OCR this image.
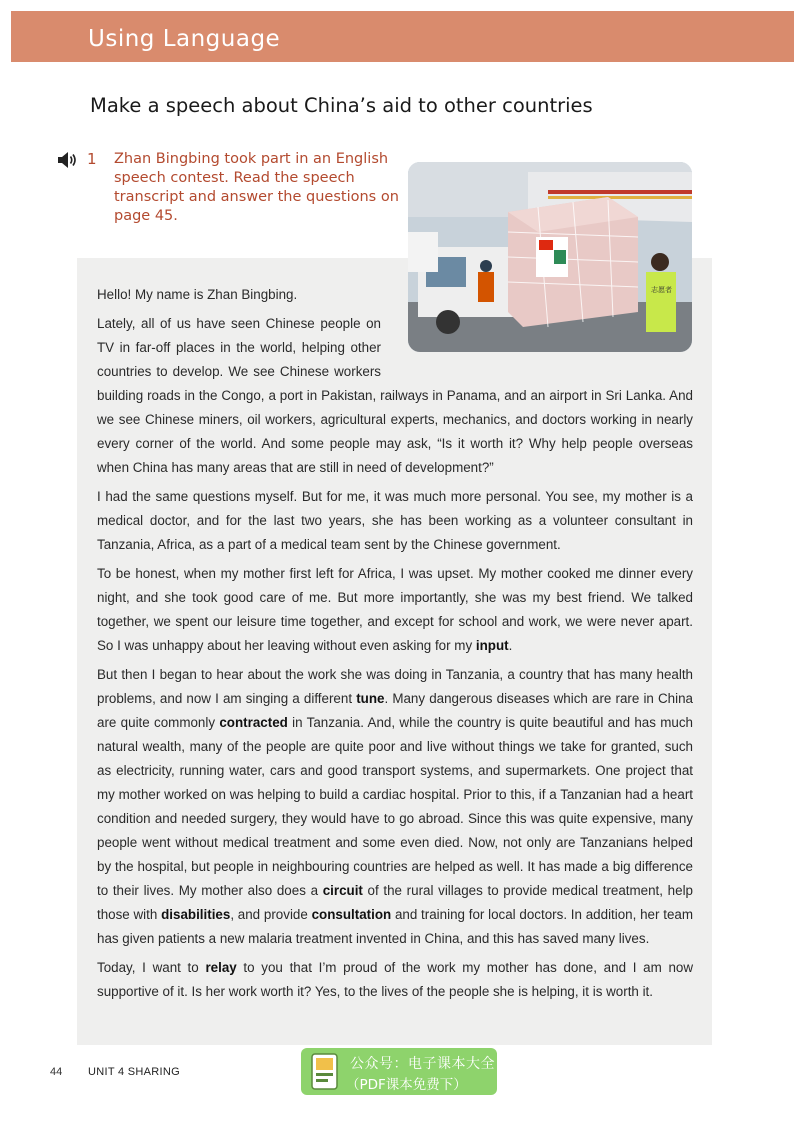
Using Language
Make a speech about China’s aid to other countries
1 Zhan Bingbing took part in an English speech contest. Read the speech transcript and answer the questions on page 45.
志愿者

Hello! My name is Zhan Bingbing.

Lately, all of us have seen Chinese people on TV in far-off places in the world, helping other countries to develop. We see Chinese workers building roads in the Congo, a port in Pakistan, railways in Panama, and an airport in Sri Lanka. And we see Chinese miners, oil workers, agricultural experts, mechanics, and doctors working in nearly every corner of the world. And some people may ask, “Is it worth it? Why help people overseas when China has many areas that are still in need of development?”

I had the same questions myself. But for me, it was much more personal. You see, my mother is a medical doctor, and for the last two years, she has been working as a volunteer consultant in Tanzania, Africa, as a part of a medical team sent by the Chinese government.

To be honest, when my mother first left for Africa, I was upset. My mother cooked me dinner every night, and she took good care of me. But more importantly, she was my best friend. We talked together, we spent our leisure time together, and except for school and work, we were never apart. So I was unhappy about her leaving without even asking for my input.

But then I began to hear about the work she was doing in Tanzania, a country that has many health problems, and now I am singing a different tune. Many dangerous diseases which are rare in China are quite commonly contracted in Tanzania. And, while the country is quite beautiful and has much natural wealth, many of the people are quite poor and live without things we take for granted, such as electricity, running water, cars and good transport systems, and supermarkets. One project that my mother worked on was helping to build a cardiac hospital. Prior to this, if a Tanzanian had a heart condition and needed surgery, they would have to go abroad. Since this was quite expensive, many people went without medical treatment and some even died. Now, not only are Tanzanians helped by the hospital, but people in neighbouring countries are helped as well. It has made a big difference to their lives. My mother also does a circuit of the rural villages to provide medical treatment, help those with disabilities, and provide consultation and training for local doctors. In addition, her team has given patients a new malaria treatment invented in China, and this has saved many lives.

Today, I want to relay to you that I’m proud of the work my mother has done, and I am now supportive of it. Is her work worth it? Yes, to the lives of the people she is helping, it is worth it.

44 UNIT 4 SHARING	公众号：电子课本大全
（PDF课本免费下）
